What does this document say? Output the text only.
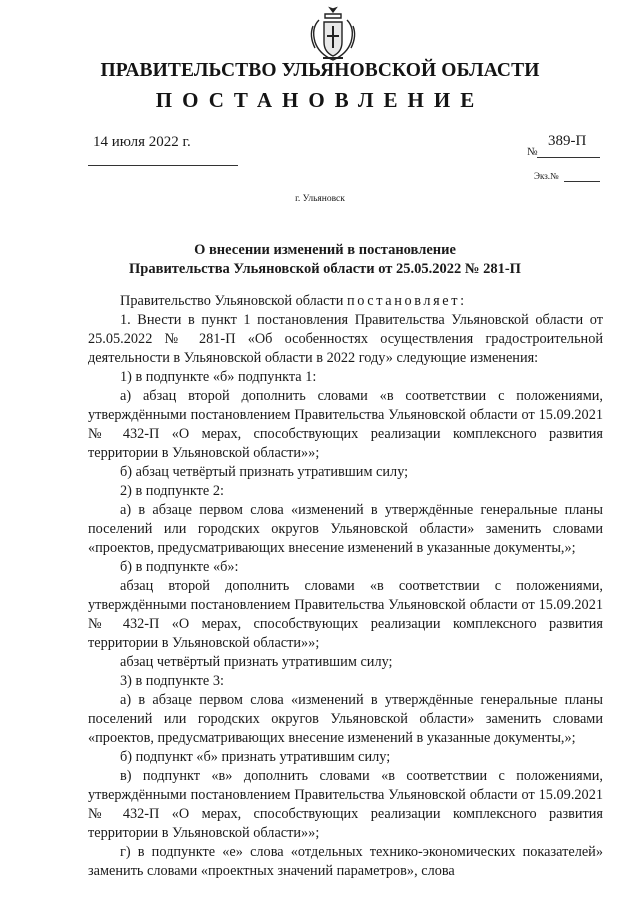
ПРАВИТЕЛЬСТВО УЛЬЯНОВСКОЙ ОБЛАСТИ
ПОСТАНОВЛЕНИЕ
14 июля 2022 г.
№
389-П
Экз.№
г. Ульяновск
О внесении изменений в постановление
Правительства Ульяновской области от 25.05.2022 № 281-П

Правительство Ульяновской области постановляет:

1. Внести в пункт 1 постановления Правительства Ульяновской области от 25.05.2022 № 281-П «Об особенностях осуществления градостроительной деятельности в Ульяновской области в 2022 году» следующие изменения:

1) в подпункте «б» подпункта 1:

а) абзац второй дополнить словами «в соответствии с положениями, утверждёнными постановлением Правительства Ульяновской области от 15.09.2021 № 432-П «О мерах, способствующих реализации комплексного развития территории в Ульяновской области»»;

б) абзац четвёртый признать утратившим силу;

2) в подпункте 2:

а) в абзаце первом слова «изменений в утверждённые генеральные планы поселений или городских округов Ульяновской области» заменить словами «проектов, предусматривающих внесение изменений в указанные документы,»;

б) в подпункте «б»:

абзац второй дополнить словами «в соответствии с положениями, утверждёнными постановлением Правительства Ульяновской области от 15.09.2021 № 432-П «О мерах, способствующих реализации комплексного развития территории в Ульяновской области»»;

абзац четвёртый признать утратившим силу;

3) в подпункте 3:

а) в абзаце первом слова «изменений в утверждённые генеральные планы поселений или городских округов Ульяновской области» заменить словами «проектов, предусматривающих внесение изменений в указанные документы,»;

б) подпункт «б» признать утратившим силу;

в) подпункт «в» дополнить словами «в соответствии с положениями, утверждёнными постановлением Правительства Ульяновской области от 15.09.2021 № 432-П «О мерах, способствующих реализации комплексного развития территории в Ульяновской области»»;

г) в подпункте «е» слова «отдельных технико-экономических показателей» заменить словами «проектных значений параметров», слова
